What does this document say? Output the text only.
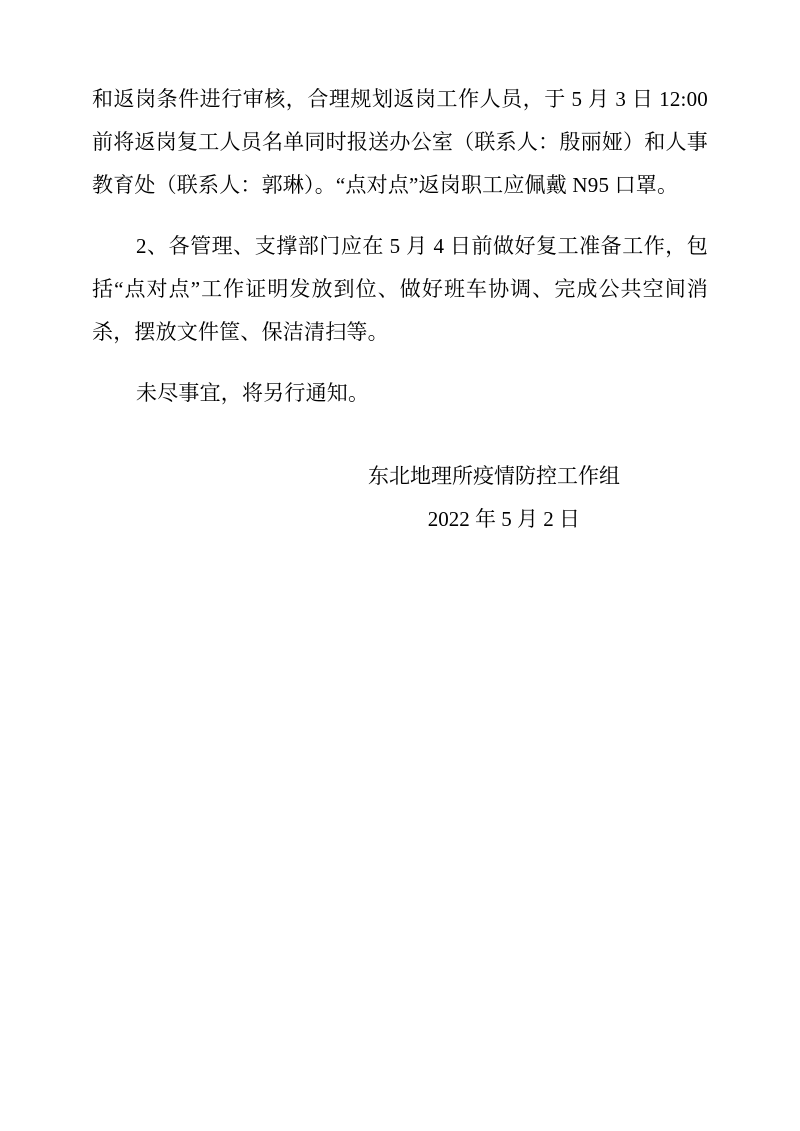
和返岗条件进行审核，合理规划返岗工作人员，于 5 月 3 日 12:00 前将返岗复工人员名单同时报送办公室（联系人：殷丽娅）和人事教育处（联系人：郭琳）。“点对点”返岗职工应佩戴 N95 口罩。

2、各管理、支撑部门应在 5 月 4 日前做好复工准备工作，包括“点对点”工作证明发放到位、做好班车协调、完成公共空间消杀，摆放文件筐、保洁清扫等。

未尽事宜，将另行通知。

东北地理所疫情防控工作组
2022 年 5 月 2 日
